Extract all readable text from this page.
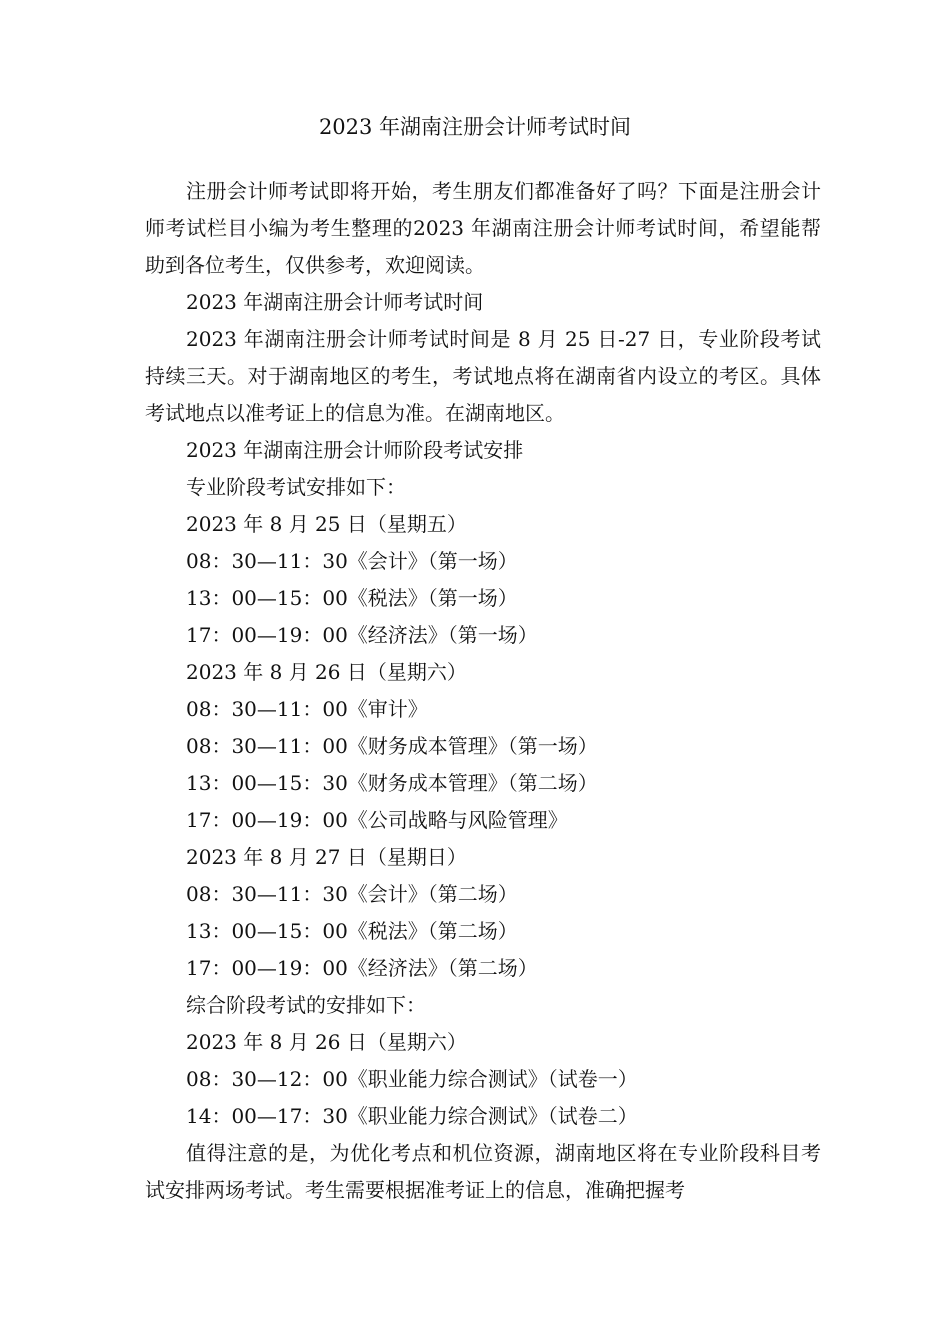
2023 年湖南注册会计师考试时间

注册会计师考试即将开始，考生朋友们都准备好了吗？下面是注册会计师考试栏目小编为考生整理的2023 年湖南注册会计师考试时间，希望能帮助到各位考生，仅供参考，欢迎阅读。

2023 年湖南注册会计师考试时间

2023 年湖南注册会计师考试时间是 8 月 25 日-27 日，专业阶段考试持续三天。对于湖南地区的考生，考试地点将在湖南省内设立的考区。具体考试地点以准考证上的信息为准。在湖南地区。

2023 年湖南注册会计师阶段考试安排

专业阶段考试安排如下：

2023 年 8 月 25 日（星期五）

08：30—11：30《会计》（第一场）

13：00—15：00《税法》（第一场）

17：00—19：00《经济法》（第一场）

2023 年 8 月 26 日（星期六）

08：30—11：00《审计》

08：30—11：00《财务成本管理》（第一场）

13：00—15：30《财务成本管理》（第二场）

17：00—19：00《公司战略与风险管理》

2023 年 8 月 27 日（星期日）

08：30—11：30《会计》（第二场）

13：00—15：00《税法》（第二场）

17：00—19：00《经济法》（第二场）

综合阶段考试的安排如下：

2023 年 8 月 26 日（星期六）

08：30—12：00《职业能力综合测试》（试卷一）

14：00—17：30《职业能力综合测试》（试卷二）

值得注意的是，为优化考点和机位资源，湖南地区将在专业阶段科目考试安排两场考试。考生需要根据准考证上的信息，准确把握考
